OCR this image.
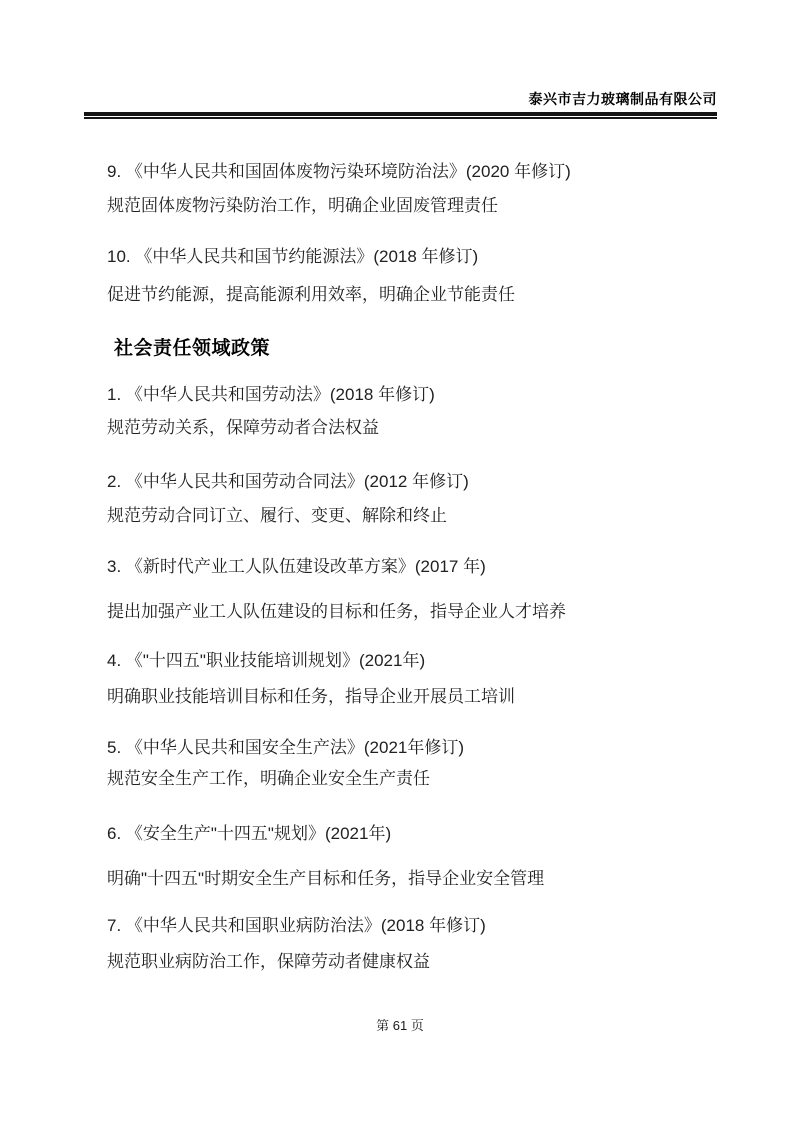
泰兴市吉力玻璃制品有限公司
9. 《中华人民共和国固体废物污染环境防治法》(2020 年修订)
规范固体废物污染防治工作，明确企业固废管理责任
10. 《中华人民共和国节约能源法》(2018 年修订)
促进节约能源，提高能源利用效率，明确企业节能责任
社会责任领域政策
1. 《中华人民共和国劳动法》(2018 年修订)
规范劳动关系，保障劳动者合法权益
2. 《中华人民共和国劳动合同法》(2012 年修订)
规范劳动合同订立、履行、变更、解除和终止
3. 《新时代产业工人队伍建设改革方案》(2017 年)
提出加强产业工人队伍建设的目标和任务，指导企业人才培养
4. 《"十四五"职业技能培训规划》(2021年)
明确职业技能培训目标和任务，指导企业开展员工培训
5. 《中华人民共和国安全生产法》(2021年修订)
规范安全生产工作，明确企业安全生产责任
6. 《安全生产"十四五"规划》(2021年)
明确"十四五"时期安全生产目标和任务，指导企业安全管理
7. 《中华人民共和国职业病防治法》(2018 年修订)
规范职业病防治工作，保障劳动者健康权益
第 61 页
